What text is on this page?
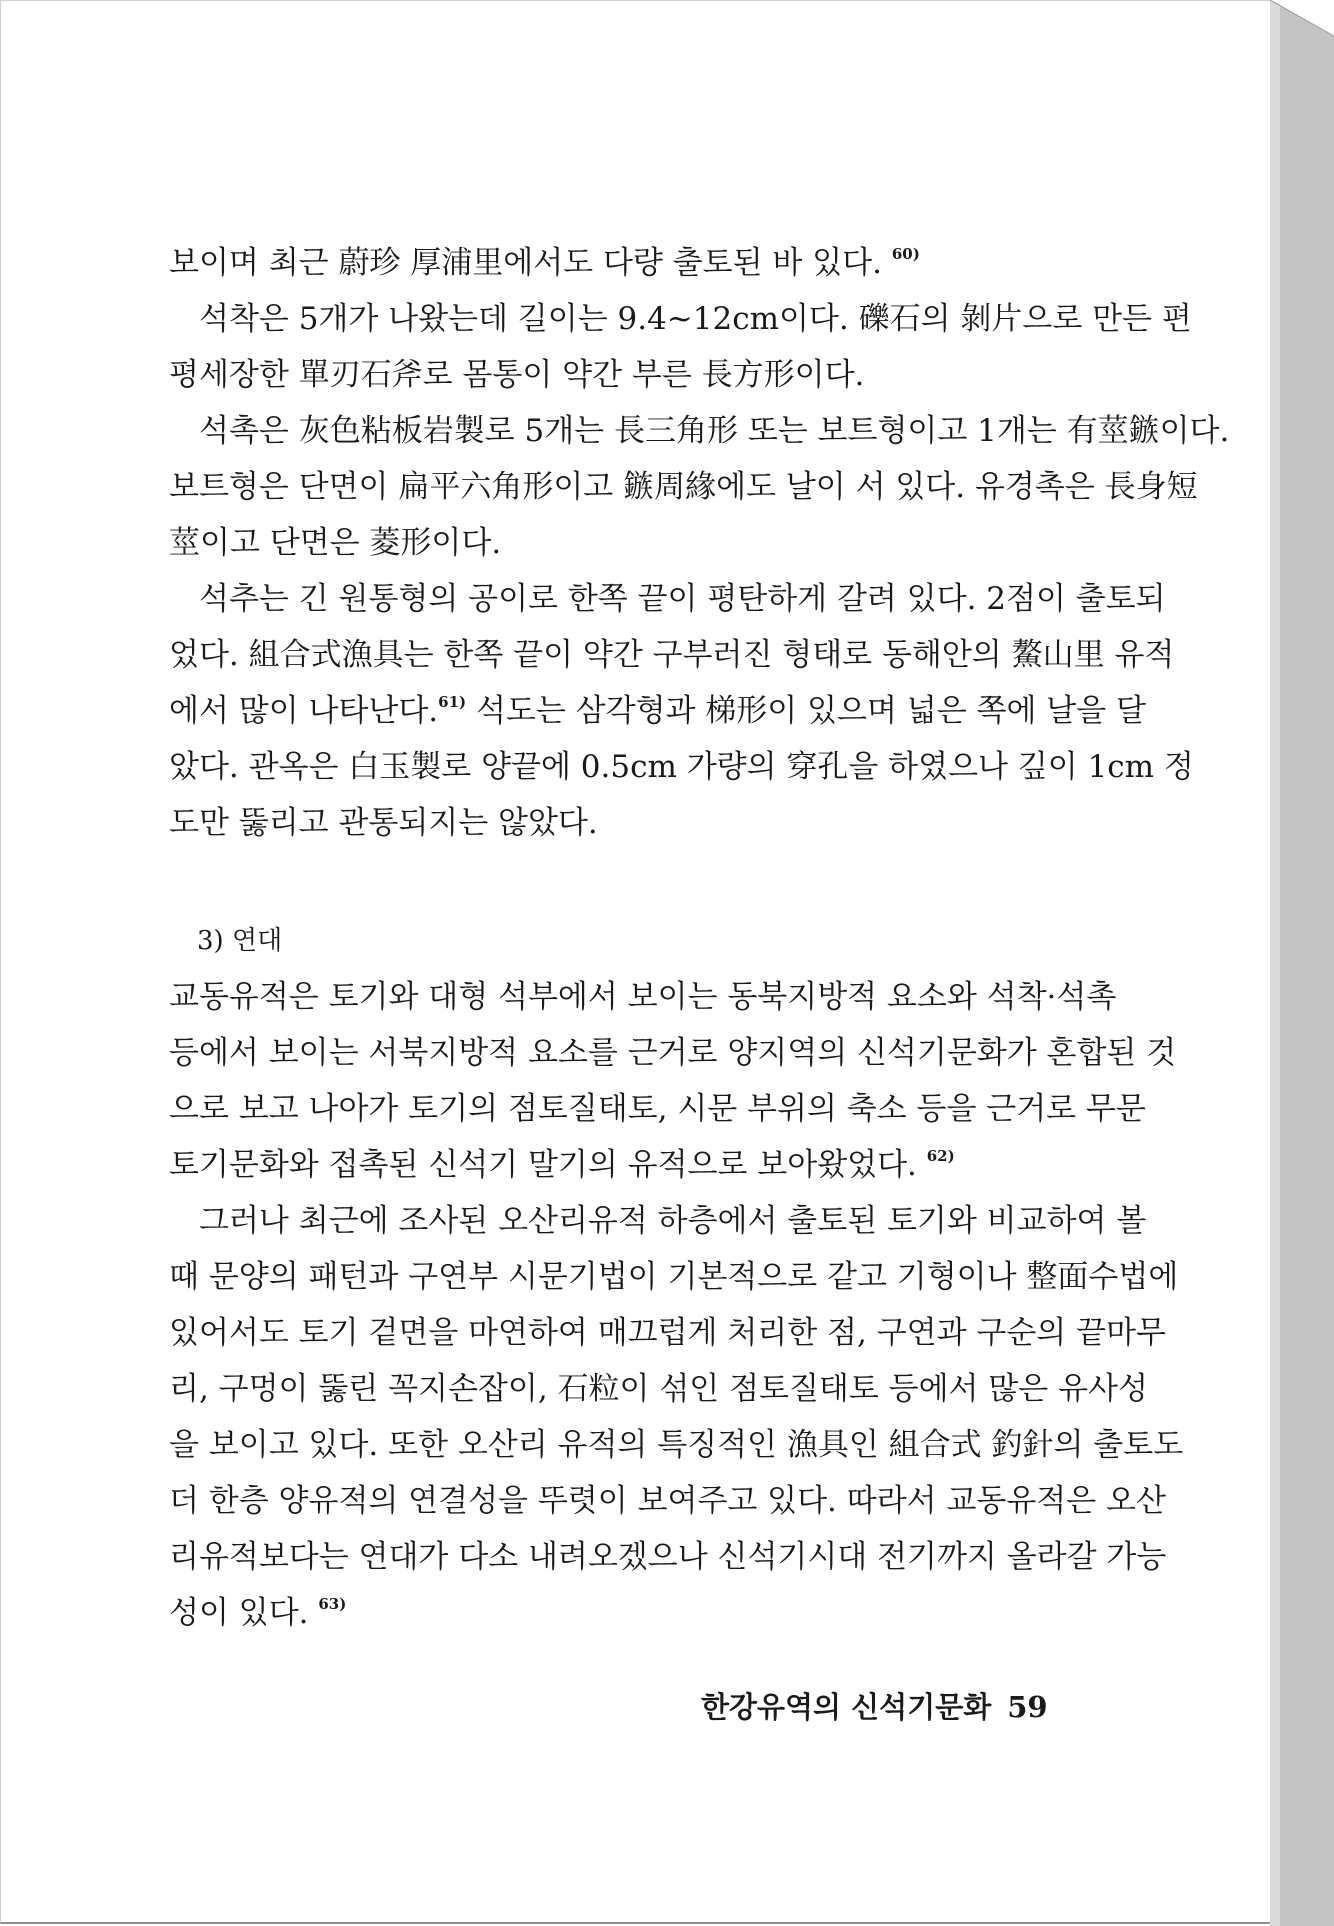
보이며 최근 蔚珍 厚浦里에서도 다량 출토된 바 있다. $^{60)}$
석착은 5개가 나왔는데 길이는 9.4~12cm이다. 礫石의 剝片으로 만든 편
평세장한 單刃石斧로 몸통이 약간 부른 長方形이다.
석촉은 灰色粘板岩製로 5개는 長三角形 또는 보트형이고 1개는 有莖鏃이다.
보트형은 단면이 扁平六角形이고 鏃周緣에도 날이 서 있다. 유경촉은 長身短
莖이고 단면은 菱形이다.
석추는 긴 원통형의 공이로 한쪽 끝이 평탄하게 갈려 있다. 2점이 출토되
었다. 組合式漁具는 한쪽 끝이 약간 구부러진 형태로 동해안의 鰲山里 유적
에서 많이 나타난다.$^{61)}$ 석도는 삼각형과 梯形이 있으며 넓은 쪽에 날을 달
았다. 관옥은 白玉製로 양끝에 0.5cm 가량의 穿孔을 하였으나 깊이 1cm 정
도만 뚫리고 관통되지는 않았다.
3) 연대
교동유적은 토기와 대형 석부에서 보이는 동북지방적 요소와 석착·석촉
등에서 보이는 서북지방적 요소를 근거로 양지역의 신석기문화가 혼합된 것
으로 보고 나아가 토기의 점토질태토, 시문 부위의 축소 등을 근거로 무문
토기문화와 접촉된 신석기 말기의 유적으로 보아왔었다. $^{62)}$
그러나 최근에 조사된 오산리유적 하층에서 출토된 토기와 비교하여 볼
때 문양의 패턴과 구연부 시문기법이 기본적으로 같고 기형이나 整面수법에
있어서도 토기 겉면을 마연하여 매끄럽게 처리한 점, 구연과 구순의 끝마무
리, 구멍이 뚫린 꼭지손잡이, 石粒이 섞인 점토질태토 등에서 많은 유사성
을 보이고 있다. 또한 오산리 유적의 특징적인 漁具인 組合式 釣針의 출토도
더 한층 양유적의 연결성을 뚜렷이 보여주고 있다. 따라서 교동유적은 오산
리유적보다는 연대가 다소 내려오겠으나 신석기시대 전기까지 올라갈 가능
성이 있다. $^{63)}$
한강유역의 신석기문화 59
